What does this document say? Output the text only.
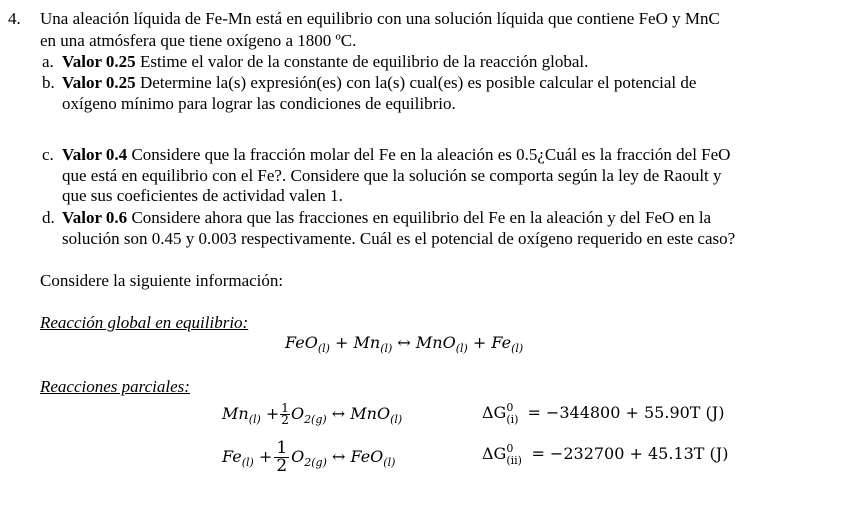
4. Una aleación líquida de Fe-Mn está en equilibrio con una solución líquida que contiene FeO y MnC
en una atmósfera que tiene oxígeno a 1800 ºC.
a. Valor 0.25 Estime el valor de la constante de equilibrio de la reacción global.
b. Valor 0.25 Determine la(s) expresión(es) con la(s) cual(es) es posible calcular el potencial de
oxígeno mínimo para lograr las condiciones de equilibrio.
c. Valor 0.4 Considere que la fracción molar del Fe en la aleación es 0.5¿Cuál es la fracción del FeO
que está en equilibrio con el Fe?. Considere que la solución se comporta según la ley de Raoult y
que sus coeficientes de actividad valen 1.
d. Valor 0.6 Considere ahora que las fracciones en equilibrio del Fe en la aleación y del FeO en la
solución son 0.45 y 0.003 respectivamente. Cuál es el potencial de oxígeno requerido en este caso?
Considere la siguiente información:
Reacción global en equilibrio:
$FeO_{(l)} + Mn_{(l)}$ ↔ $MnO_{(l)} + Fe_{(l)}$
Reacciones parciales:
$Mn_{(l)} + \frac{1}{2} O_{2(g)}$ ↔ MnO$_{(l)}$	ΔG 0
(i) = −344800 + 55.90T (J)
$Fe_{(l)} + \frac{1}{2} O_{2(g)}$ ↔ FeO$_{(l)}$	ΔG 0
(ii) = −232700 + 45.13T (J)
